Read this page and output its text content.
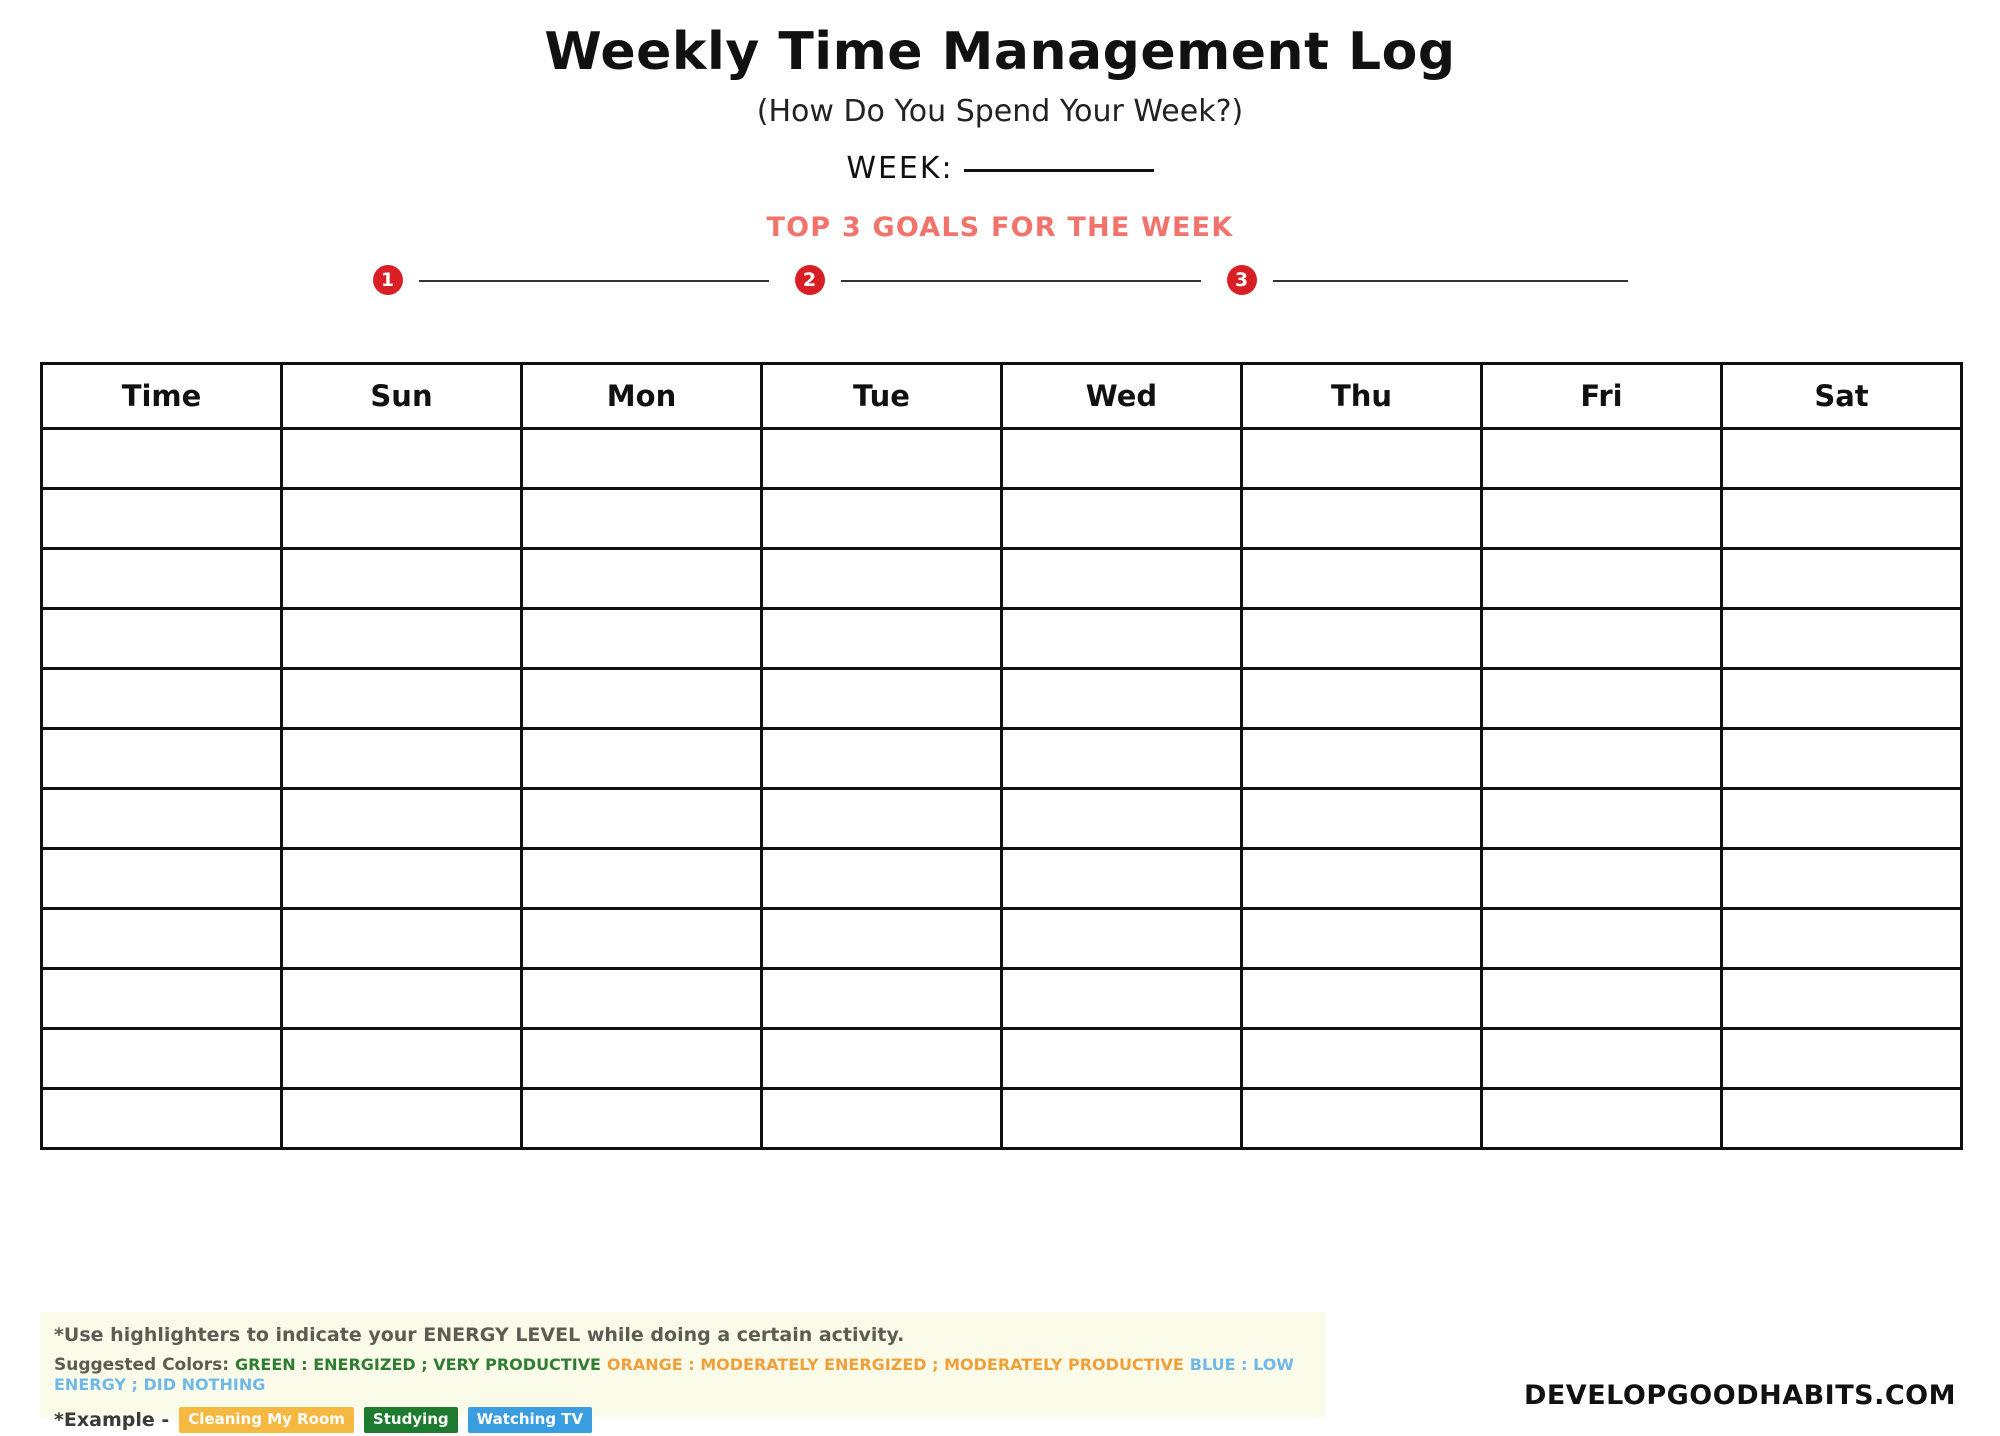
Weekly Time Management Log
(How Do You Spend Your Week?)
WEEK:
TOP 3 GOALS FOR THE WEEK
1	2	3
Time	Sun	Mon	Tue	Wed	Thu	Fri	Sat

*Use highlighters to indicate your ENERGY LEVEL while doing a certain activity.
Suggested Colors: GREEN : ENERGIZED ; VERY PRODUCTIVE ORANGE : MODERATELY ENERGIZED ; MODERATELY PRODUCTIVE BLUE : LOW ENERGY ; DID NOTHING
*Example -	Cleaning My Room	Studying	Watching TV
DEVELOPGOODHABITS.COM
